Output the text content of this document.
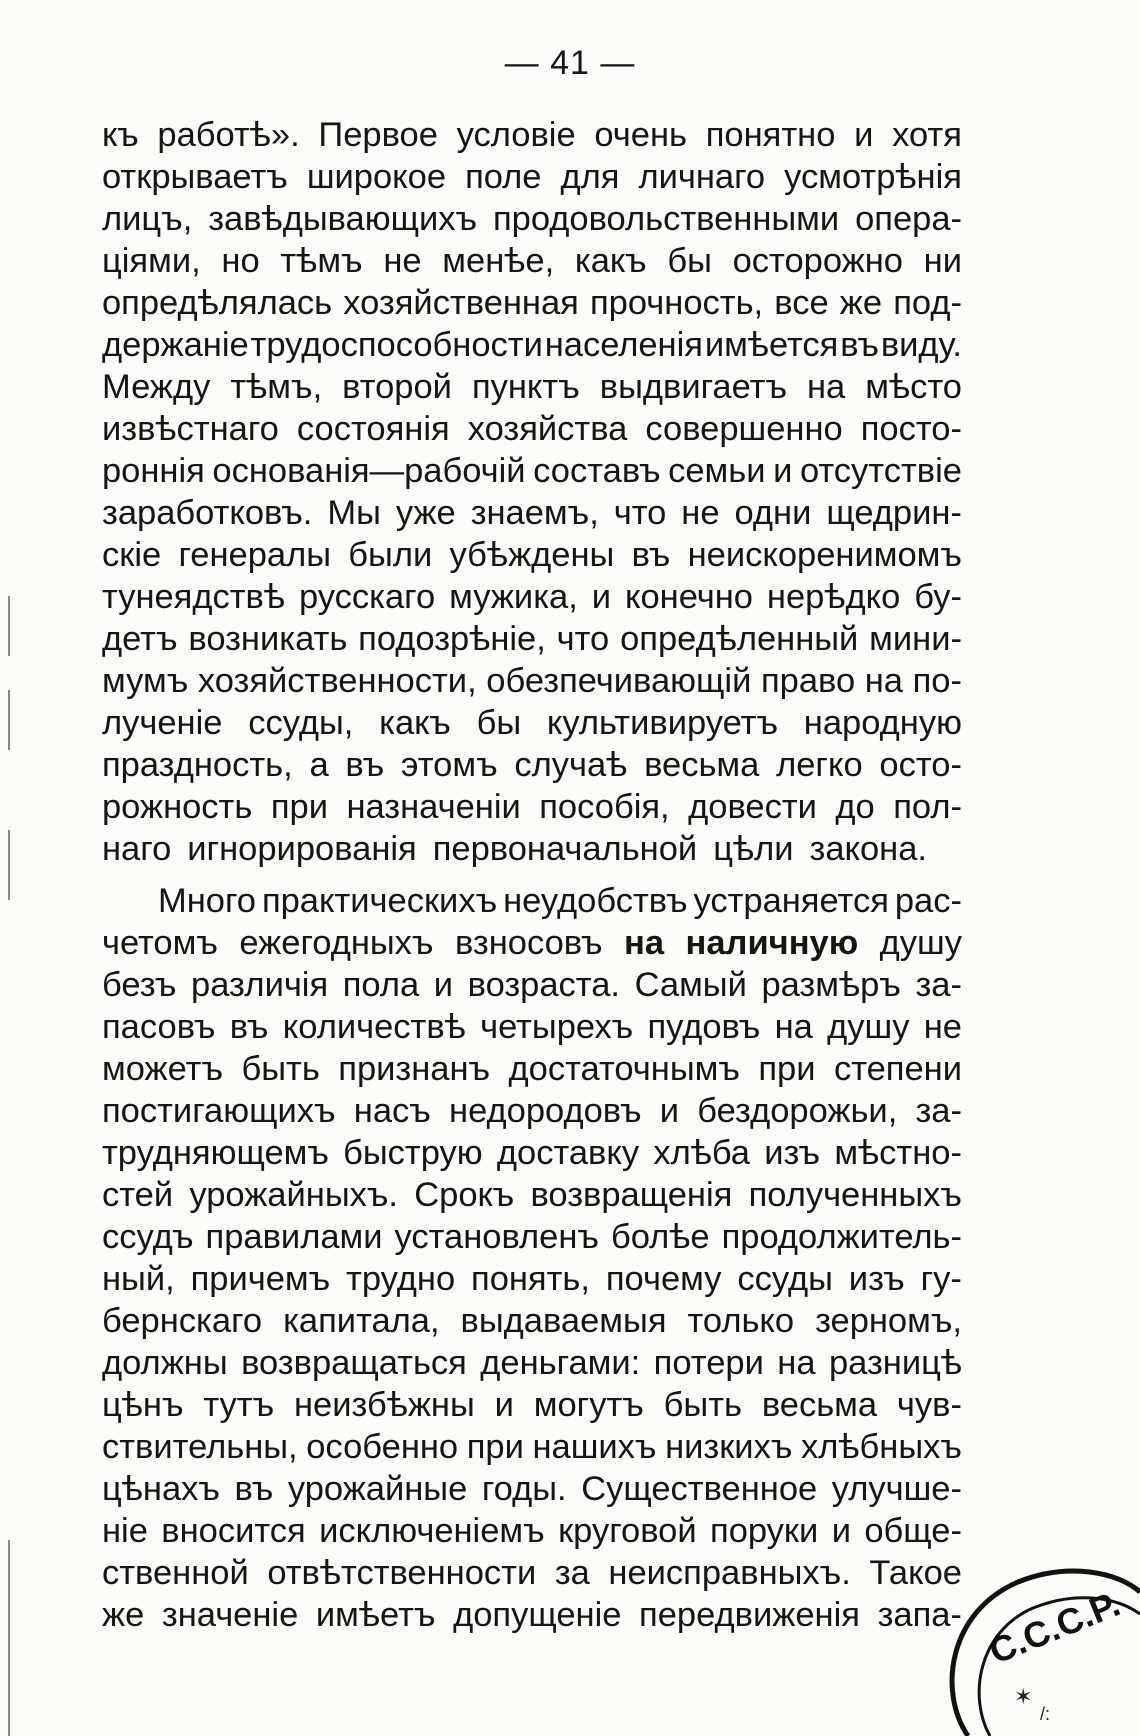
— 41 —
къ работѣ». Первое условіе очень понятно и хотя
открываетъ широкое поле для личнаго усмотрѣнія
лицъ, завѣдывающихъ продовольственными опера-
ціями, но тѣмъ не менѣе, какъ бы осторожно ни
опредѣлялась хозяйственная прочность, все же под-
держаніе трудоспособности населенія имѣется въ виду.
Между тѣмъ, второй пунктъ выдвигаетъ на мѣсто
извѣстнаго состоянія хозяйства совершенно посто-
роннія основанія—рабочій составъ семьи и отсутствіе
заработковъ. Мы уже знаемъ, что не одни щедрин-
скіе генералы были убѣждены въ неискоренимомъ
тунеядствѣ русскаго мужика, и конечно нерѣдко бу-
детъ возникать подозрѣніе, что опредѣленный мини-
мумъ хозяйственности, обезпечивающій право на по-
лученіе ссуды, какъ бы культивируетъ народную
праздность, а въ этомъ случаѣ весьма легко осто-
рожность при назначеніи пособія, довести до пол-
наго игнорированія первоначальной цѣли закона.
Много практическихъ неудобствъ устраняется рас-
четомъ ежегодныхъ взносовъ на наличную душу
безъ различія пола и возраста. Самый размѣръ за-
пасовъ въ количествѣ четырехъ пудовъ на душу не
можетъ быть признанъ достаточнымъ при степени
постигающихъ насъ недородовъ и бездорожьи, за-
трудняющемъ быструю доставку хлѣба изъ мѣстно-
стей урожайныхъ. Срокъ возвращенія полученныхъ
ссудъ правилами установленъ болѣе продолжитель-
ный, причемъ трудно понять, почему ссуды изъ гу-
бернскаго капитала, выдаваемыя только зерномъ,
должны возвращаться деньгами: потери на разницѣ
цѣнъ тутъ неизбѣжны и могутъ быть весьма чув-
ствительны, особенно при нашихъ низкихъ хлѣбныхъ
цѣнахъ въ урожайные годы. Существенное улучше-
ніе вносится исключеніемъ круговой поруки и обще-
ственной отвѣтственности за неисправныхъ. Такое
же значеніе имѣетъ допущеніе передвиженія запа- С.С.С.Р.
✶
/:
